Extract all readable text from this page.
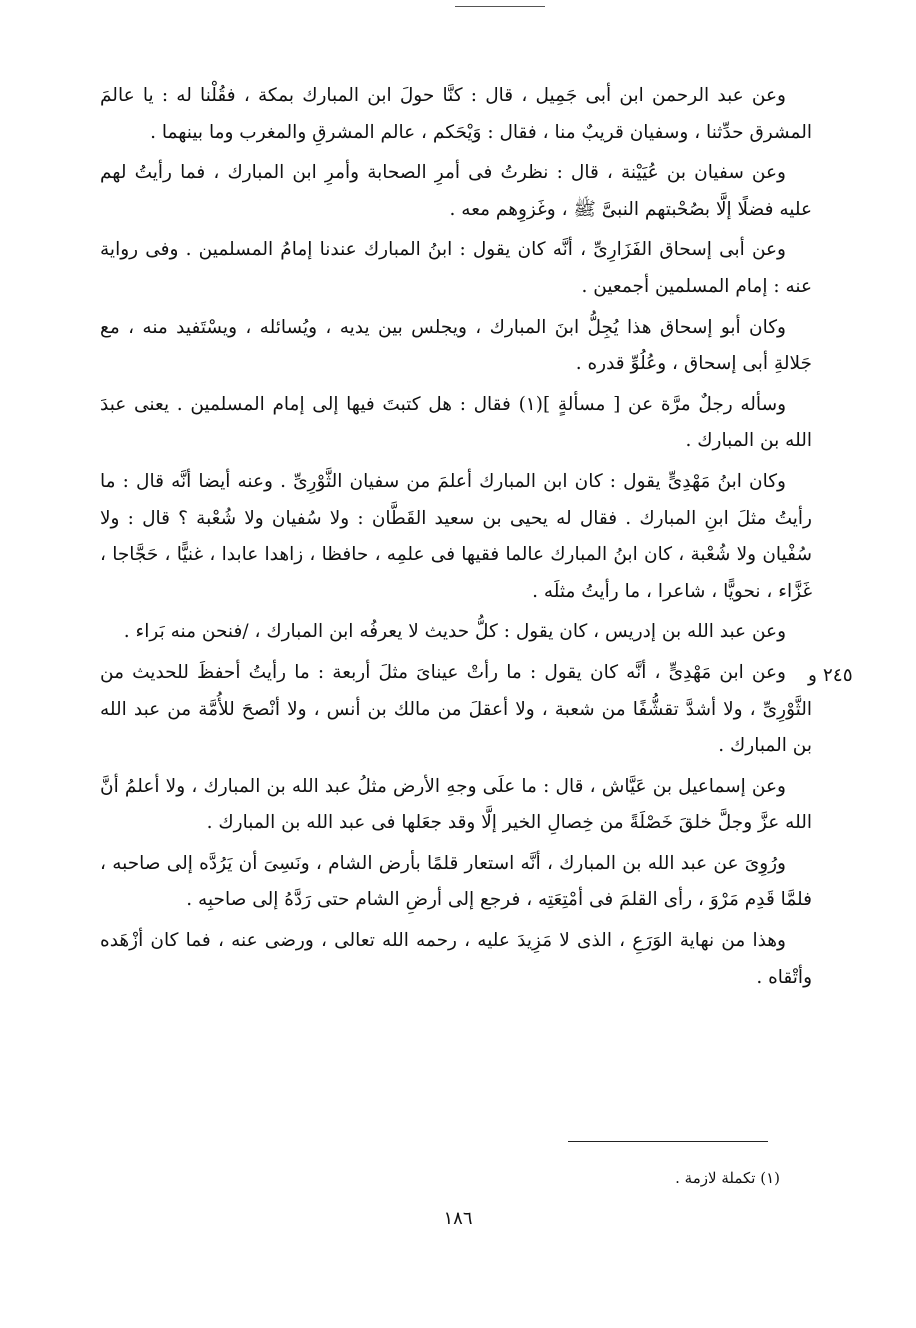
وعن عبد الرحمن ابن أبى جَمِيل ، قال : كنَّا حولَ ابن المبارك بمكة ، فقُلْنا له : يا عالمَ المشرق حدِّثنا ، وسفيان قريبٌ منا ، فقال : وَيْحَكم ، عالم المشرقِ والمغرب وما بينهما .

وعن سفيان بن عُيَيْنة ، قال : نظرتُ فى أمرِ الصحابة وأمرِ ابن المبارك ، فما رأيتُ لهم عليه فضلًا إلَّا بصُحْبتهم النبىَّ ﷺ ، وغَزوِهم معه .

وعن أبى إسحاق الفَزَارِىِّ ، أنَّه كان يقول : ابنُ المبارك عندنا إمامُ المسلمين . وفى رواية عنه : إمام المسلمين أجمعين .

وكان أبو إسحاق هذا يُجِلُّ ابنَ المبارك ، ويجلس بين يديه ، ويُسائله ، ويسْتَفيد منه ، مع جَلالةِ أبى إسحاق ، وعُلُوِّ قدره .

وسأله رجلٌ مرَّة عن [ مسألةٍ ](١) فقال : هل كتبتَ فيها إلى إمام المسلمين . يعنى عبدَ الله بن المبارك .

وكان ابنُ مَهْدِىٍّ يقول : كان ابن المبارك أعلمَ من سفيان الثَّوْرِىِّ . وعنه أيضا أنَّه قال : ما رأيتُ مثلَ ابنِ المبارك . فقال له يحيى بن سعيد القَطَّان : ولا سُفيان ولا شُعْبة ؟ قال : ولا سُفْيان ولا شُعْبة ، كان ابنُ المبارك عالما فقيها فى علمِه ، حافظا ، زاهدا عابدا ، غنيًّا ، حَجَّاجا ، غَزَّاء ، نحويًّا ، شاعرا ، ما رأيتُ مثلَه .

وعن عبد الله بن إدريس ، كان يقول : كلُّ حديث لا يعرفُه ابن المبارك ، /فنحن منه بَراء .

وعن ابن مَهْدِىٍّ ، أنَّه كان يقول : ما رأتْ عيناىَ مثلَ أربعة : ما رأيتُ أحفظَ للحديث من الثَّوْرِىِّ ، ولا أشدَّ تقشُّفًا من شعبة ، ولا أعقلَ من مالك بن أنس ، ولا أنْصحَ للأُمَّة من عبد الله بن المبارك .

وعن إسماعيل بن عَيَّاش ، قال : ما علَى وجهِ الأرض مثلُ عبد الله بن المبارك ، ولا أعلمُ أنَّ الله عزَّ وجلَّ خلقَ خَصْلَةً من خِصالِ الخير إلَّا وقد جعَلها فى عبد الله بن المبارك .

ورُوِىَ عن عبد الله بن المبارك ، أنَّه استعار قلمًا بأرض الشام ، ونَسِىَ أن يَرُدَّه إلى صاحبه ، فلمَّا قَدِم مَرْوَ ، رأى القلمَ فى أمْتِعَتِه ، فرجع إلى أرضِ الشام حتى رَدَّهُ إلى صاحبِه .

وهذا من نهاية الوَرَعِ ، الذى لا مَزِيدَ عليه ، رحمه الله تعالى ، ورضى عنه ، فما كان أزْهَده وأتْقاه .

٢٤٥ و
(١) تكملة لازمة .
١٨٦
